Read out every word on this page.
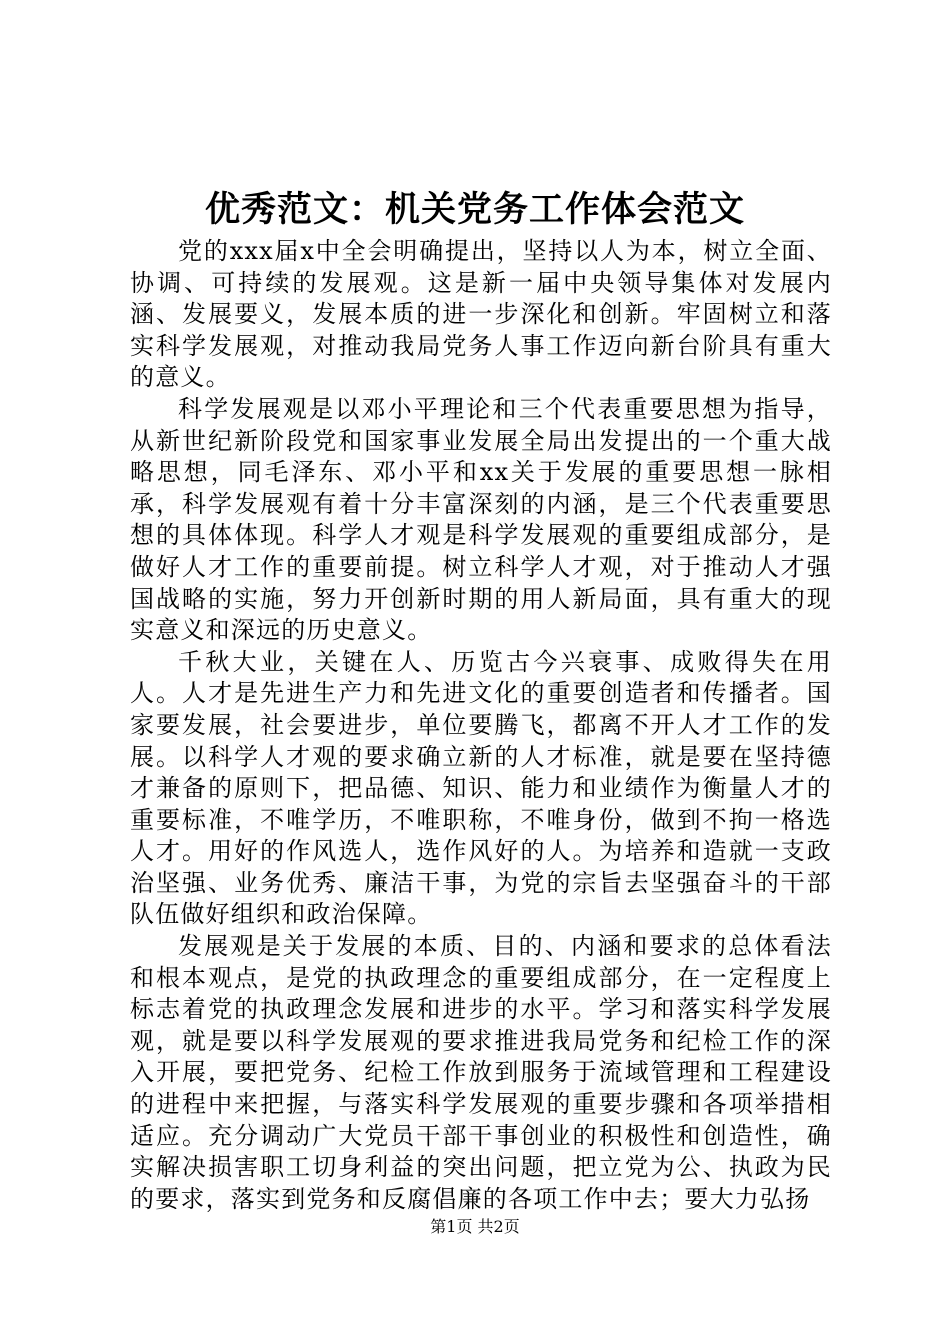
优秀范文：机关党务工作体会范文

党的xxx届x中全会明确提出，坚持以人为本，树立全面、协调、可持续的发展观。这是新一届中央领导集体对发展内涵、发展要义，发展本质的进一步深化和创新。牢固树立和落实科学发展观，对推动我局党务人事工作迈向新台阶具有重大的意义。

科学发展观是以邓小平理论和三个代表重要思想为指导，从新世纪新阶段党和国家事业发展全局出发提出的一个重大战略思想，同毛泽东、邓小平和xx关于发展的重要思想一脉相承，科学发展观有着十分丰富深刻的内涵，是三个代表重要思想的具体体现。科学人才观是科学发展观的重要组成部分，是做好人才工作的重要前提。树立科学人才观，对于推动人才强国战略的实施，努力开创新时期的用人新局面，具有重大的现实意义和深远的历史意义。

千秋大业，关键在人、历览古今兴衰事、成败得失在用人。人才是先进生产力和先进文化的重要创造者和传播者。国家要发展，社会要进步，单位要腾飞，都离不开人才工作的发展。以科学人才观的要求确立新的人才标准，就是要在坚持德才兼备的原则下，把品德、知识、能力和业绩作为衡量人才的重要标准，不唯学历，不唯职称，不唯身份，做到不拘一格选人才。用好的作风选人，选作风好的人。为培养和造就一支政治坚强、业务优秀、廉洁干事，为党的宗旨去坚强奋斗的干部队伍做好组织和政治保障。

发展观是关于发展的本质、目的、内涵和要求的总体看法和根本观点，是党的执政理念的重要组成部分，在一定程度上标志着党的执政理念发展和进步的水平。学习和落实科学发展观，就是要以科学发展观的要求推进我局党务和纪检工作的深入开展，要把党务、纪检工作放到服务于流域管理和工程建设的进程中来把握，与落实科学发展观的重要步骤和各项举措相适应。充分调动广大党员干部干事创业的积极性和创造性，确实解决损害职工切身利益的突出问题，把立党为公、执政为民的要求，落实到党务和反腐倡廉的各项工作中去；要大力弘扬

第1页 共2页
